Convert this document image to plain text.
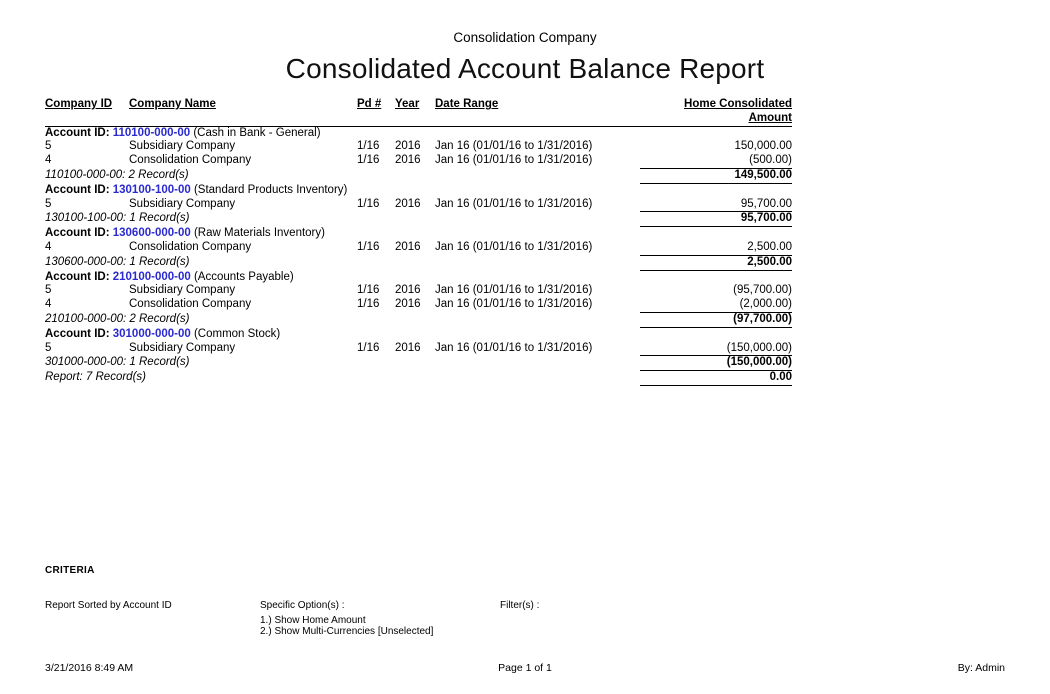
Consolidation Company
Consolidated Account Balance Report
Company ID	Company Name	Pd #	Year	Date Range	Home Consolidated Amount
Account ID: 110100-000-00 (Cash in Bank - General)					
5	Subsidiary Company	1/16	2016	Jan 16 (01/01/16 to 1/31/2016)	150,000.00
4	Consolidation Company	1/16	2016	Jan 16 (01/01/16 to 1/31/2016)	(500.00)

110100-000-00: 2 Record(s)					149,500.00

Account ID: 130100-100-00 (Standard Products Inventory)					
5	Subsidiary Company	1/16	2016	Jan 16 (01/01/16 to 1/31/2016)	95,700.00

130100-100-00: 1 Record(s)					95,700.00

Account ID: 130600-000-00 (Raw Materials Inventory)					
4	Consolidation Company	1/16	2016	Jan 16 (01/01/16 to 1/31/2016)	2,500.00

130600-000-00: 1 Record(s)					2,500.00

Account ID: 210100-000-00 (Accounts Payable)					
5	Subsidiary Company	1/16	2016	Jan 16 (01/01/16 to 1/31/2016)	(95,700.00)
4	Consolidation Company	1/16	2016	Jan 16 (01/01/16 to 1/31/2016)	(2,000.00)

210100-000-00: 2 Record(s)					(97,700.00)

Account ID: 301000-000-00 (Common Stock)					
5	Subsidiary Company	1/16	2016	Jan 16 (01/01/16 to 1/31/2016)	(150,000.00)

301000-000-00: 1 Record(s)					(150,000.00)

Report: 7 Record(s)					0.00

CRITERIA
Report Sorted by Account ID	Specific Option(s) :
1.) Show Home Amount
2.) Show Multi-Currencies [Unselected]
Filter(s) :
3/21/2016 8:49 AM	Page 1 of 1	By: Admin
